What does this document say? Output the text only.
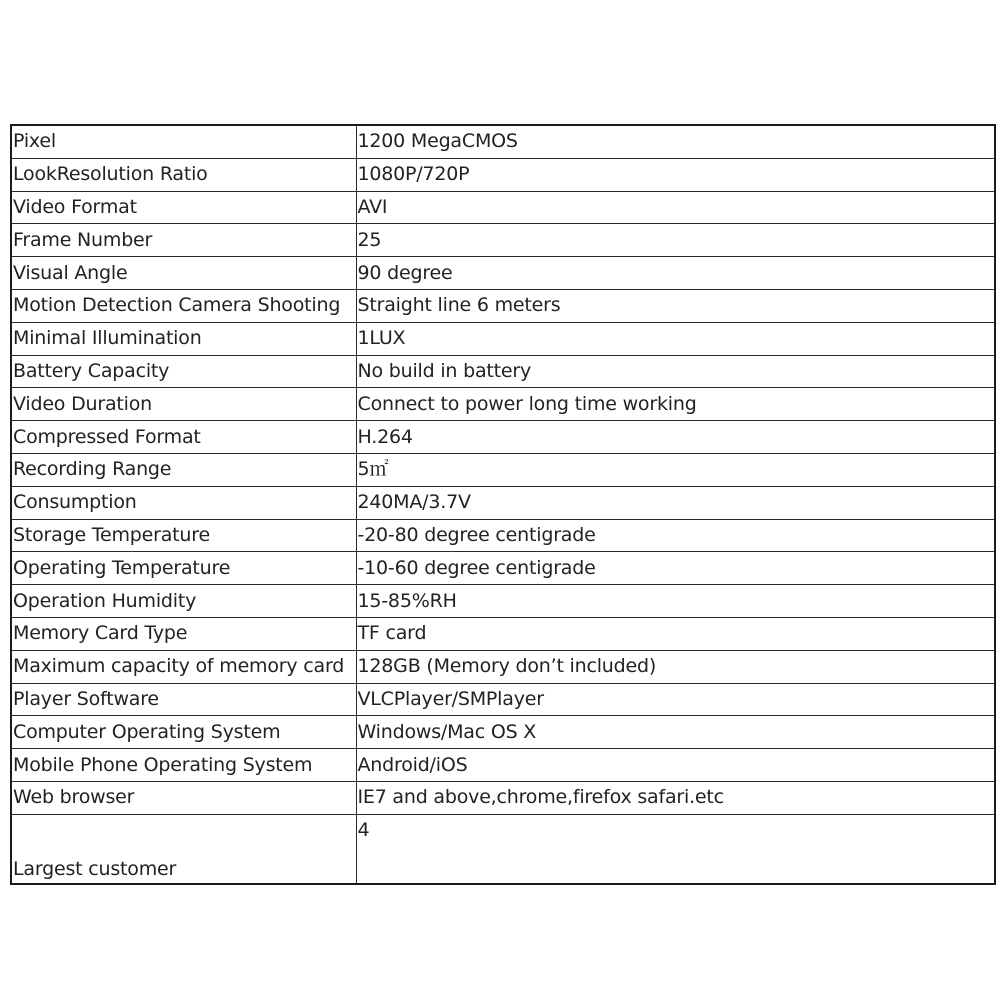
Pixel	1200 MegaCMOS
LookResolution Ratio	1080P/720P
Video Format	AVI
Frame Number	25
Visual Angle	90 degree
Motion Detection Camera Shooting	Straight line 6 meters
Minimal Illumination	1LUX
Battery Capacity	No build in battery
Video Duration	Connect to power long time working
Compressed Format	H.264
Recording Range	5㎡
Consumption	240MA/3.7V
Storage Temperature	-20-80 degree centigrade
Operating Temperature	-10-60 degree centigrade
Operation Humidity	15-85%RH
Memory Card Type	TF card
Maximum capacity of memory card	128GB (Memory don’t included)
Player Software	VLCPlayer/SMPlayer
Computer Operating System	Windows/Mac OS X
Mobile Phone Operating System	Android/iOS
Web browser	IE7 and above,chrome,firefox safari.etc
Largest customer	4
